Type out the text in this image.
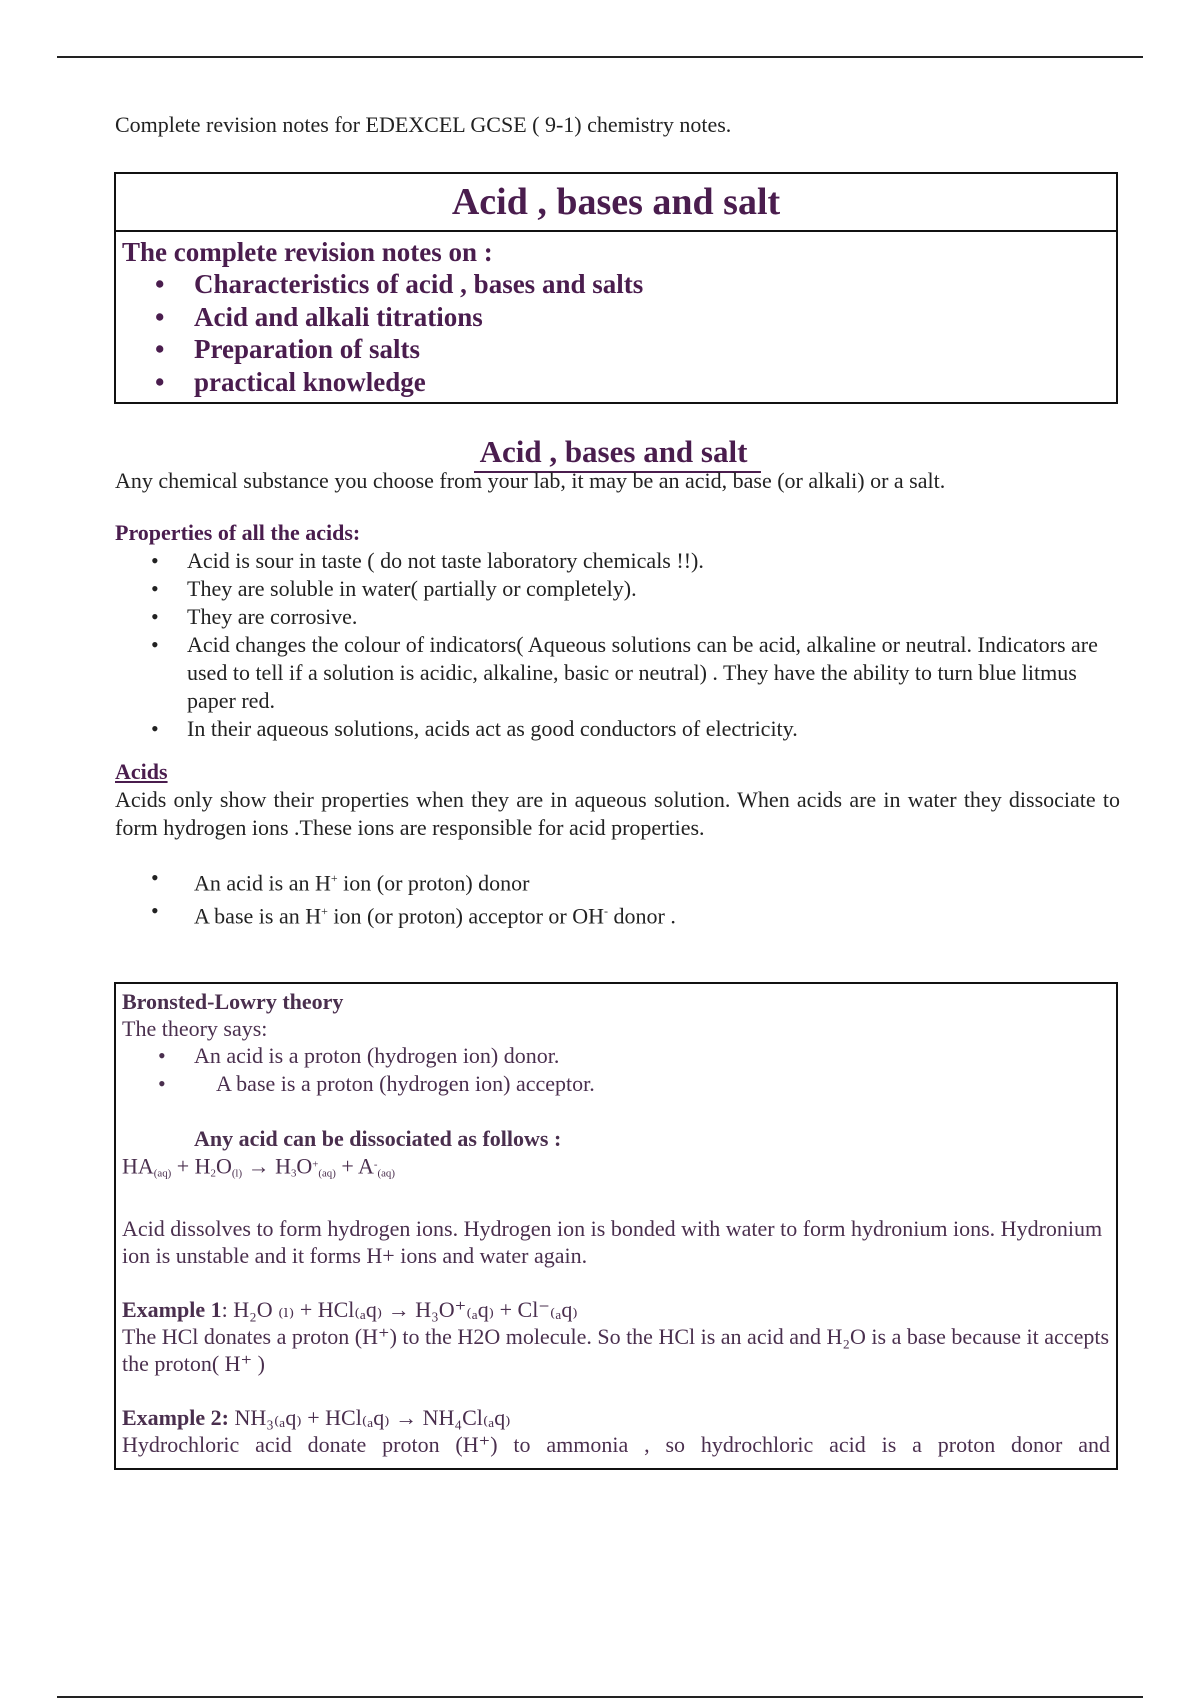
Complete revision notes for EDEXCEL GCSE ( 9-1) chemistry notes.

Acid , bases and salt
The complete revision notes on :
• Characteristics of acid , bases and salts
• Acid and alkali titrations
• Preparation of salts
• practical knowledge
Acid , bases and salt

Any chemical substance you choose from your lab, it may be an acid, base (or alkali) or a salt.

Properties of all the acids:

• Acid is sour in taste ( do not taste laboratory chemicals !!).
• They are soluble in water( partially or completely).
• They are corrosive.
• Acid changes the colour of indicators( Aqueous solutions can be acid, alkaline or neutral. Indicators are used to tell if a solution is acidic, alkaline, basic or neutral) . They have the ability to turn blue litmus paper red.
• In their aqueous solutions, acids act as good conductors of electricity.

Acids

Acids only show their properties when they are in aqueous solution. When acids are in water they dissociate to form hydrogen ions .These ions are responsible for acid properties.

• An acid is an H+ ion (or proton) donor
• A base is an H+ ion (or proton) acceptor or OH- donor .

Bronsted-Lowry theory

The theory says:

• An acid is a proton (hydrogen ion) donor.
• A base is a proton (hydrogen ion) acceptor.

Any acid can be dissociated as follows :

$HA_{(aq)} + H_2O_{(l)} \to H_3O^+_{(aq)} + A^-_{(aq)}$

Acid dissolves to form hydrogen ions. Hydrogen ion is bonded with water to form hydronium ions. Hydronium ion is unstable and it forms H+ ions and water again.

Example 1: H₂O ₍ₗ₎ + HCl₍ₐq₎ → H₃O⁺₍ₐq₎ + Cl⁻₍ₐq₎

The HCl donates a proton (H⁺) to the H2O molecule. So the HCl is an acid and H₂O is a base because it accepts the proton( H⁺ )

Example 2: NH₃₍ₐq₎ + HCl₍ₐq₎ → NH₄Cl₍ₐq₎

Hydrochloric acid donate proton (H⁺) to ammonia , so hydrochloric acid is a proton donor and
